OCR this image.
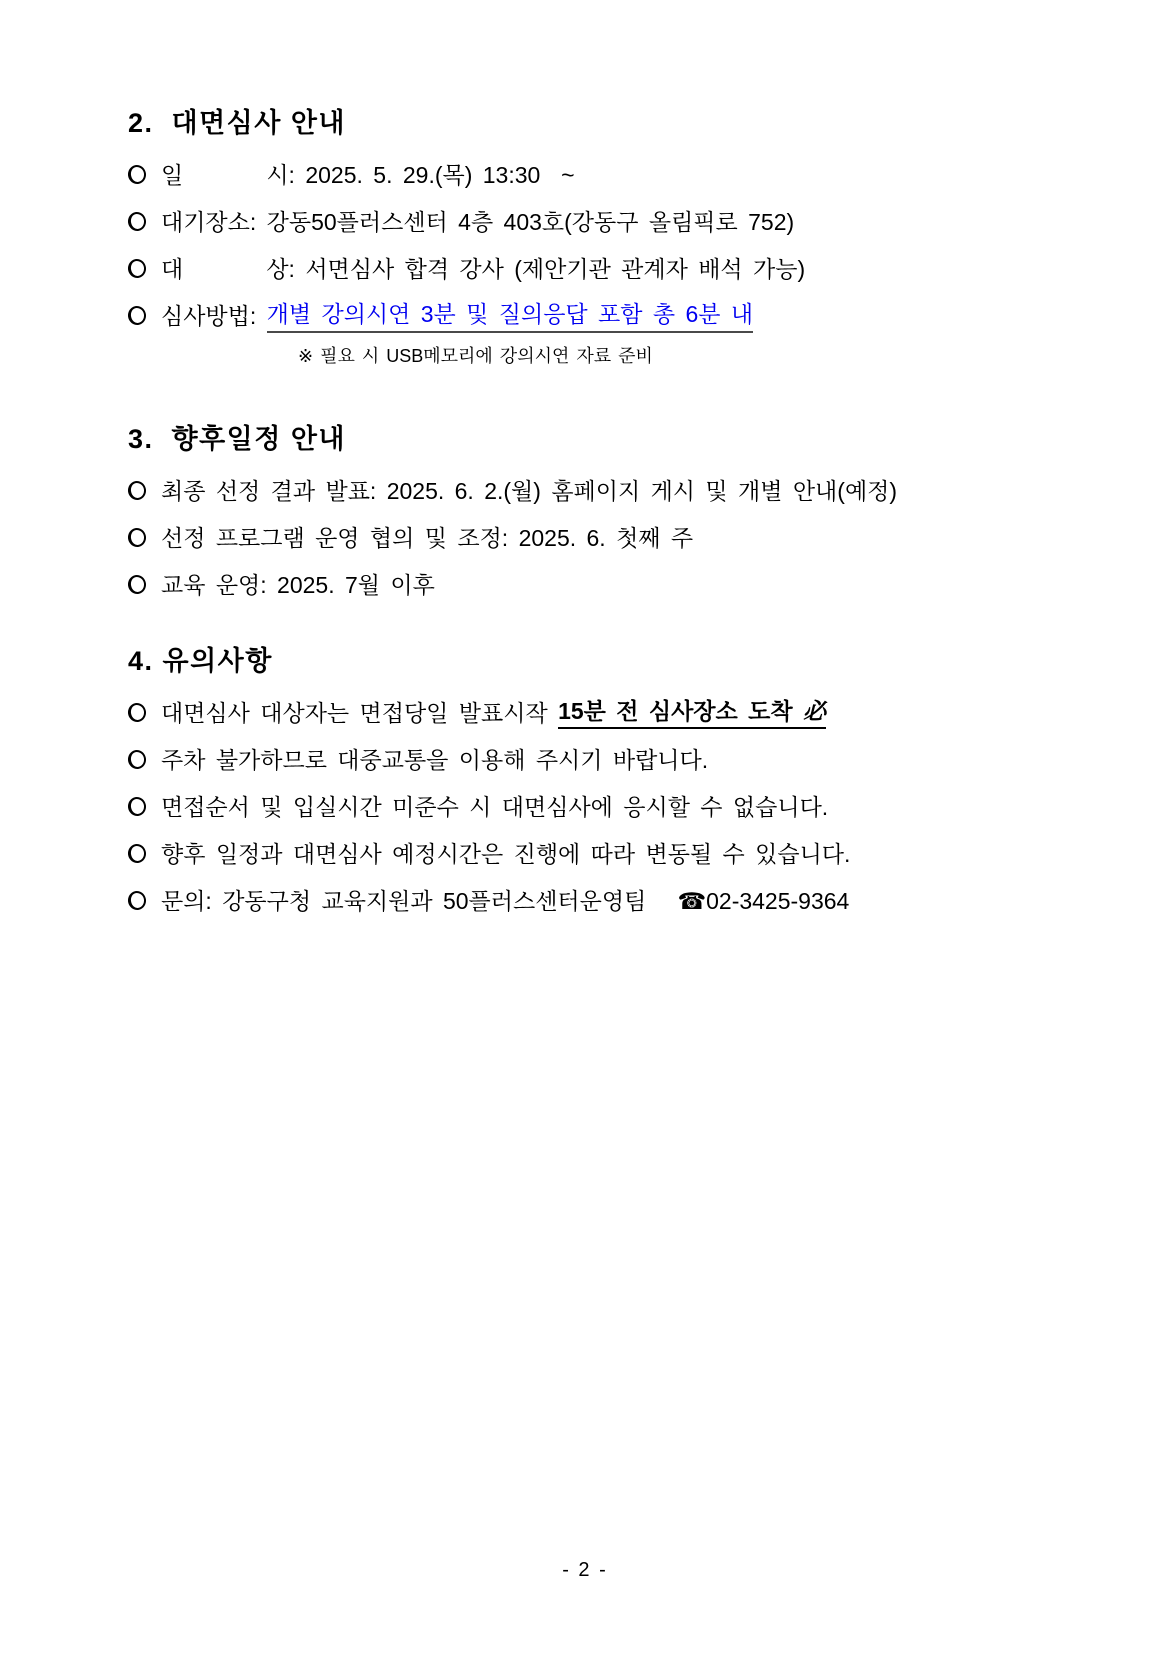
2.  대면심사 안내
일        시: 2025. 5. 29.(목) 13:30  ~
대기장소: 강동50플러스센터 4층 403호(강동구 올림픽로 752)
대        상: 서면심사 합격 강사 (제안기관 관계자 배석 가능)
심사방법: 개별 강의시연 3분 및 질의응답 포함 총 6분 내
※ 필요 시 USB메모리에 강의시연 자료 준비
3.  향후일정 안내
최종 선정 결과 발표: 2025. 6. 2.(월) 홈페이지 게시 및 개별 안내(예정)
선정 프로그램 운영 협의 및 조정: 2025. 6. 첫째 주
교육 운영: 2025. 7월 이후
4. 유의사항
대면심사 대상자는 면접당일 발표시작 15분 전 심사장소 도착 必
주차 불가하므로 대중교통을 이용해 주시기 바랍니다.
면접순서 및 입실시간 미준수 시 대면심사에 응시할 수 없습니다.
향후 일정과 대면심사 예정시간은 진행에 따라 변동될 수 있습니다.
문의: 강동구청 교육지원과 50플러스센터운영팀   ☎02-3425-9364
- 2 -
